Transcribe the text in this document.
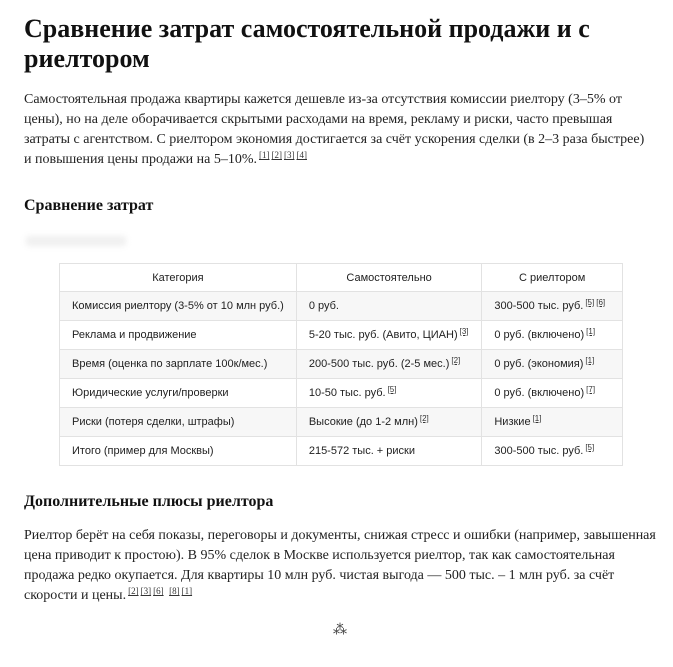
Сравнение затрат самостоятельной продажи и с риелтором

Самостоятельная продажа квартиры кажется дешевле из-за отсутствия комиссии риелтору (3–5% от цены), но на деле оборачивается скрытыми расходами на время, рекламу и риски, часто превышая затраты с агентством. С риелтором экономия достигается за счёт ускорения сделки (в 2–3 раза быстрее) и повышения цены продажи на 5–10%. [1] [2] [3] [4]

Сравнение затрат
Категория	Самостоятельно	С риелтором
Комиссия риелтору (3-5% от 10 млн руб.)	0 руб.	300-500 тыс. руб. [5] [6]
Реклама и продвижение	5-20 тыс. руб. (Авито, ЦИАН) [3]	0 руб. (включено) [1]
Время (оценка по зарплате 100к/мес.)	200-500 тыс. руб. (2-5 мес.) [2]	0 руб. (экономия) [1]
Юридические услуги/проверки	10-50 тыс. руб. [5]	0 руб. (включено) [7]
Риски (потеря сделки, штрафы)	Высокие (до 1-2 млн) [2]	Низкие [1]
Итого (пример для Москвы)	215-572 тыс. + риски	300-500 тыс. руб. [5]
Дополнительные плюсы риелтора

Риелтор берёт на себя показы, переговоры и документы, снижая стресс и ошибки (например, завышенная цена приводит к простою). В 95% сделок в Москве используется риелтор, так как самостоятельная продажа редко окупается. Для квартиры 10 млн руб. чистая выгода — 500 тыс. – 1 млн руб. за счёт скорости и цены. [2] [3] [6] [8] [1]

⁂
